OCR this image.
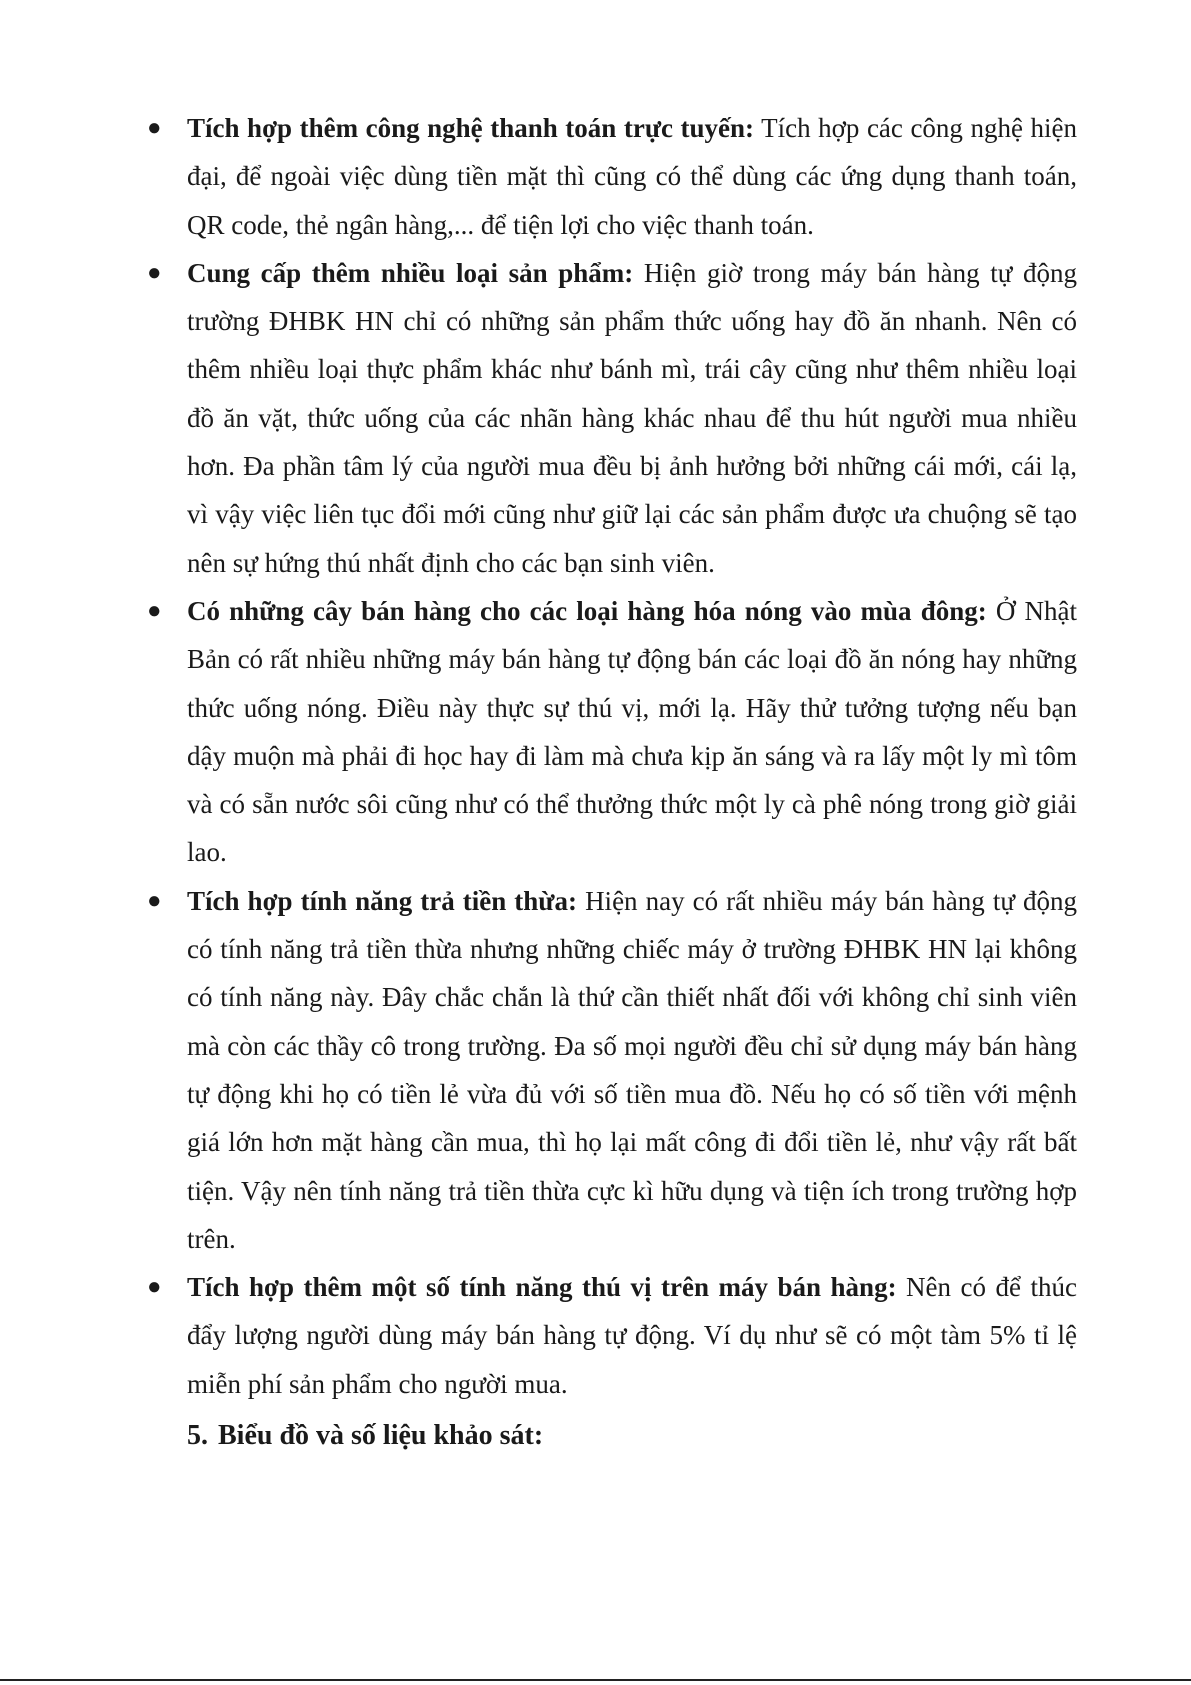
● Tích hợp thêm công nghệ thanh toán trực tuyến: Tích hợp các công nghệ hiện đại, để ngoài việc dùng tiền mặt thì cũng có thể dùng các ứng dụng thanh toán, QR code, thẻ ngân hàng,... để tiện lợi cho việc thanh toán.
● Cung cấp thêm nhiều loại sản phẩm: Hiện giờ trong máy bán hàng tự động trường ĐHBK HN chỉ có những sản phẩm thức uống hay đồ ăn nhanh. Nên có thêm nhiều loại thực phẩm khác như bánh mì, trái cây cũng như thêm nhiều loại đồ ăn vặt, thức uống của các nhãn hàng khác nhau để thu hút người mua nhiều hơn. Đa phần tâm lý của người mua đều bị ảnh hưởng bởi những cái mới, cái lạ, vì vậy việc liên tục đổi mới cũng như giữ lại các sản phẩm được ưa chuộng sẽ tạo nên sự hứng thú nhất định cho các bạn sinh viên.
● Có những cây bán hàng cho các loại hàng hóa nóng vào mùa đông: Ở Nhật Bản có rất nhiều những máy bán hàng tự động bán các loại đồ ăn nóng hay những thức uống nóng. Điều này thực sự thú vị, mới lạ. Hãy thử tưởng tượng nếu bạn dậy muộn mà phải đi học hay đi làm mà chưa kịp ăn sáng và ra lấy một ly mì tôm và có sẵn nước sôi cũng như có thể thưởng thức một ly cà phê nóng trong giờ giải lao.
● Tích hợp tính năng trả tiền thừa: Hiện nay có rất nhiều máy bán hàng tự động có tính năng trả tiền thừa nhưng những chiếc máy ở trường ĐHBK HN lại không có tính năng này. Đây chắc chắn là thứ cần thiết nhất đối với không chỉ sinh viên mà còn các thầy cô trong trường. Đa số mọi người đều chỉ sử dụng máy bán hàng tự động khi họ có tiền lẻ vừa đủ với số tiền mua đồ. Nếu họ có số tiền với mệnh giá lớn hơn mặt hàng cần mua, thì họ lại mất công đi đổi tiền lẻ, như vậy rất bất tiện. Vậy nên tính năng trả tiền thừa cực kì hữu dụng và tiện ích trong trường hợp trên.
● Tích hợp thêm một số tính năng thú vị trên máy bán hàng: Nên có để thúc đẩy lượng người dùng máy bán hàng tự động. Ví dụ như sẽ có một tàm 5% tỉ lệ miễn phí sản phẩm cho người mua.
5. Biểu đồ và số liệu khảo sát:
